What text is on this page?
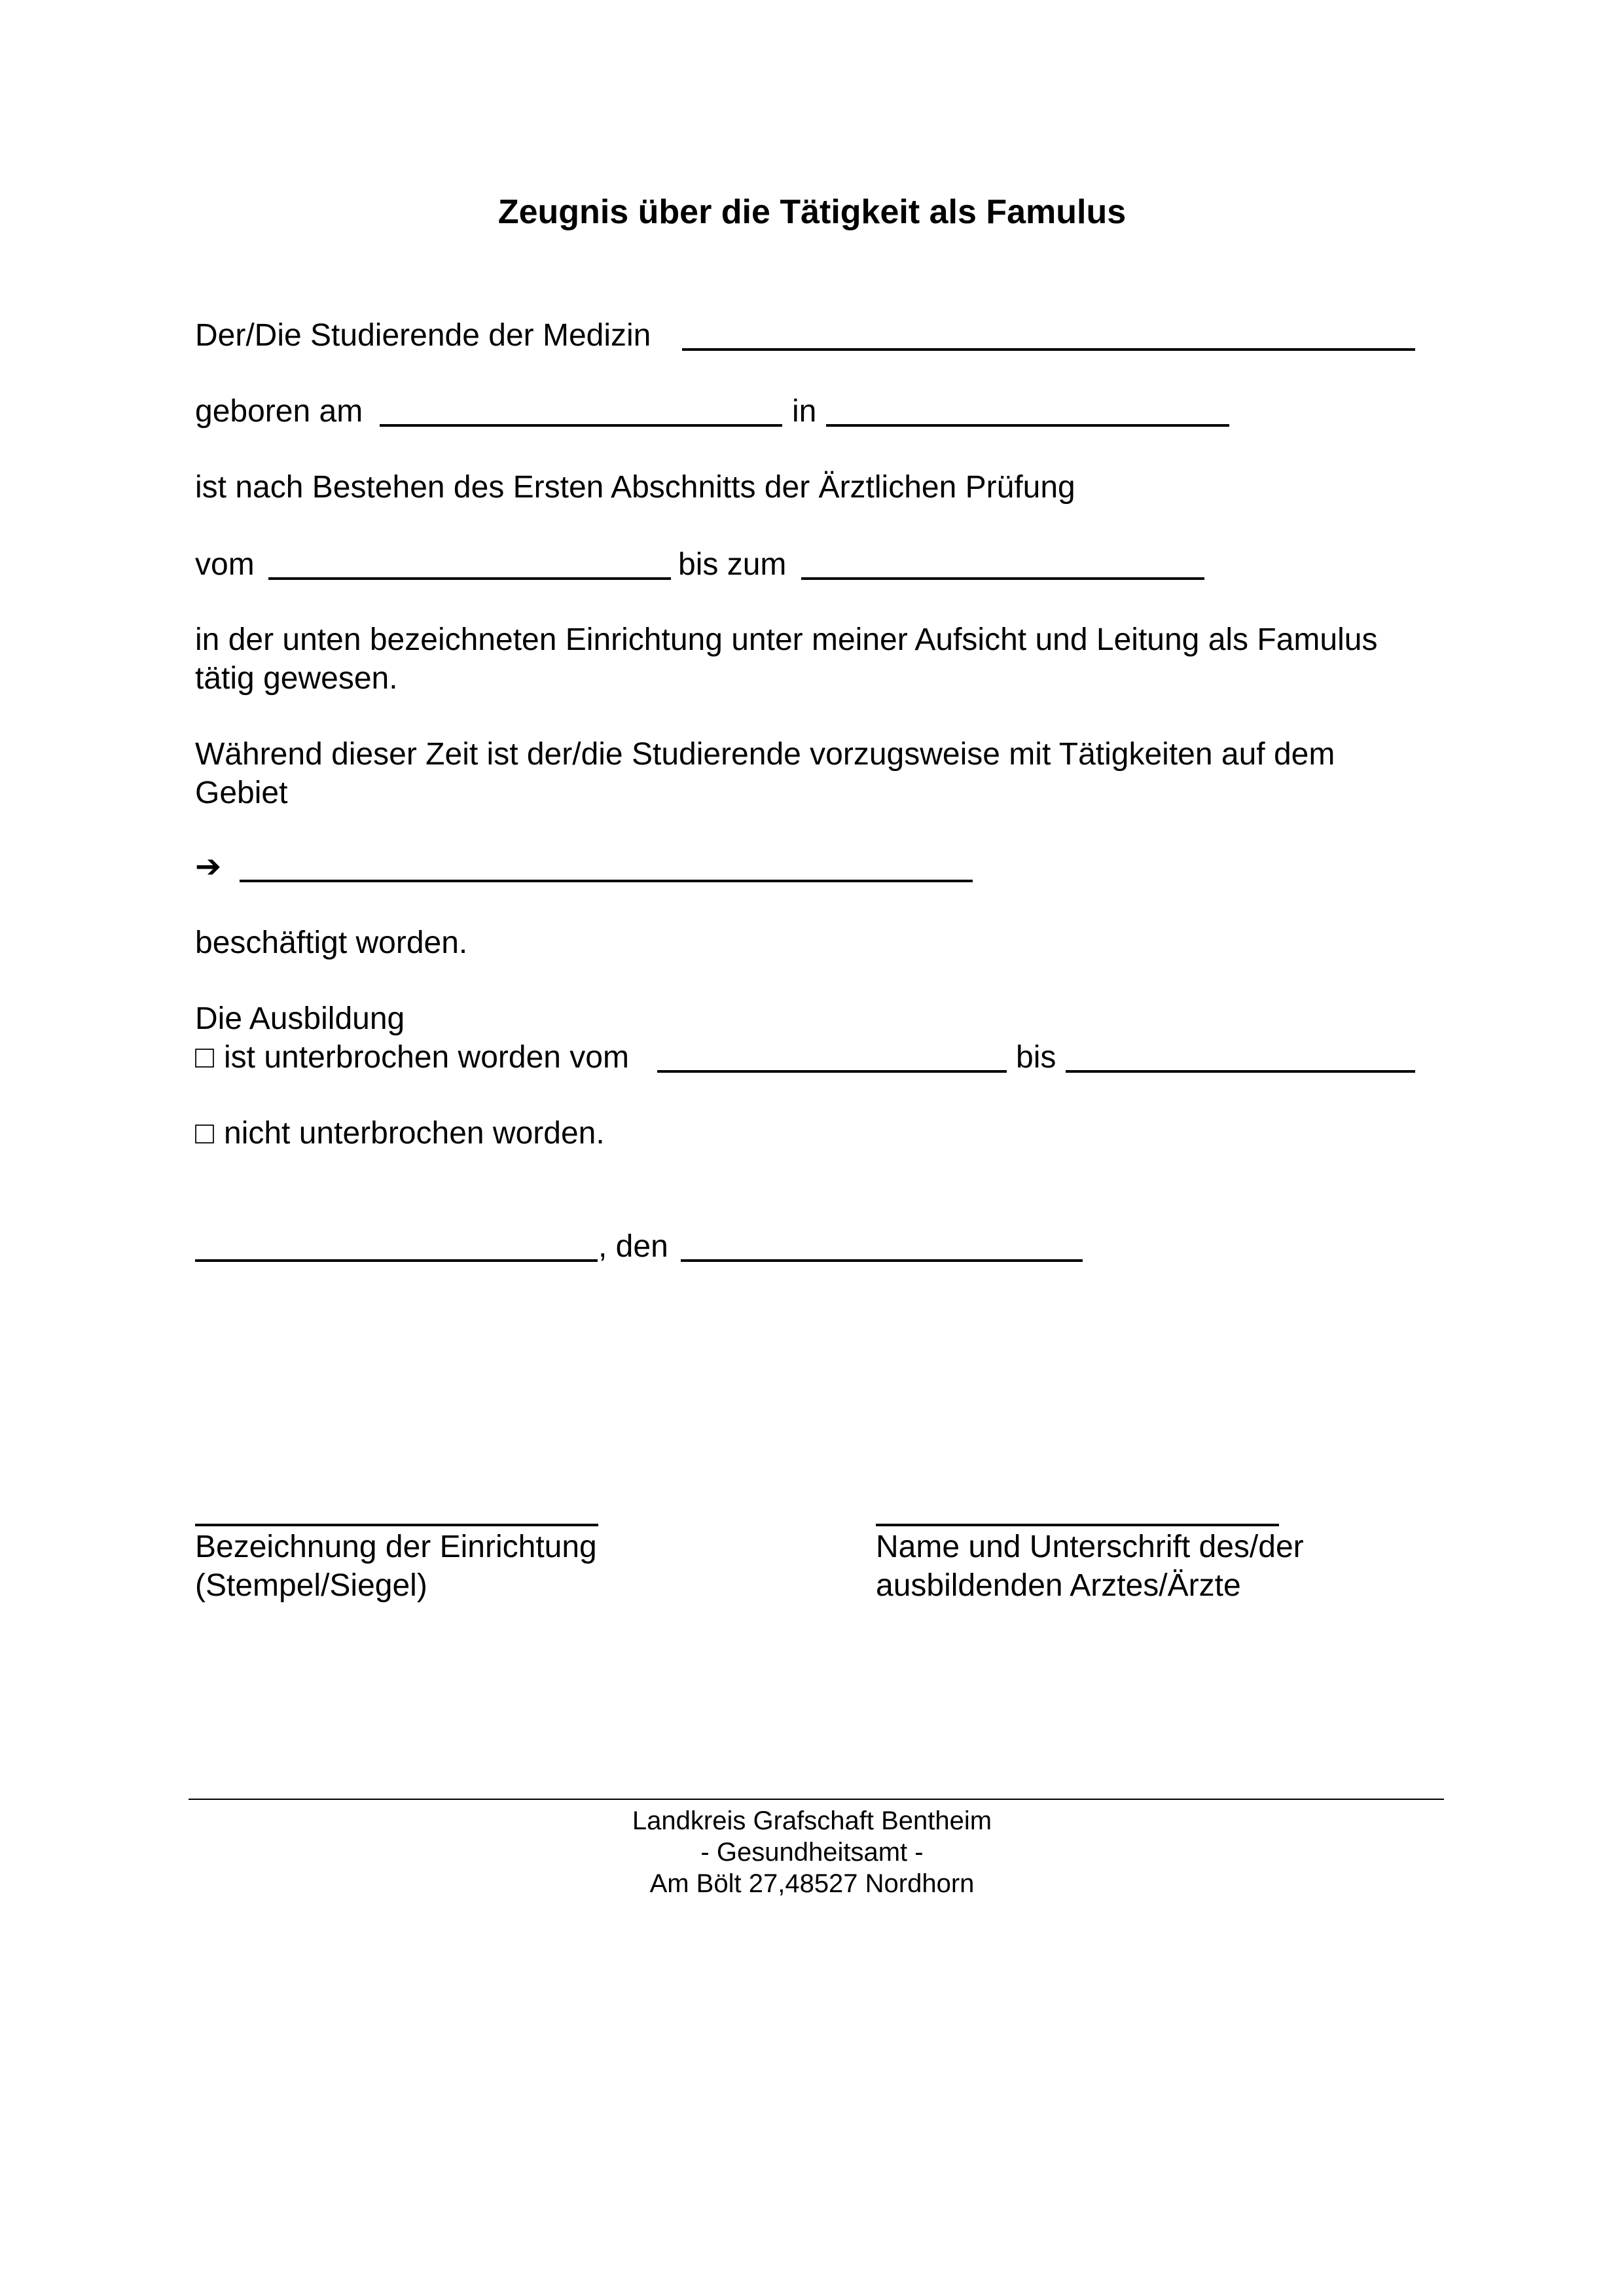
Zeugnis über die Tätigkeit als Famulus
Der/Die Studierende der Medizin
geboren am	in
ist nach Bestehen des Ersten Abschnitts der Ärztlichen Prüfung
vom	bis zum
in der unten bezeichneten Einrichtung unter meiner Aufsicht und Leitung als Famulus
tätig gewesen.
Während dieser Zeit ist der/die Studierende vorzugsweise mit Tätigkeiten auf dem
Gebiet
➔
beschäftigt worden.
Die Ausbildung
□ ist unterbrochen worden vom	bis
□ nicht unterbrochen worden.
, den
Bezeichnung der Einrichtung
(Stempel/Siegel)
Name und Unterschrift des/der
ausbildenden Arztes/Ärzte
Landkreis Grafschaft Bentheim
- Gesundheitsamt -
Am Bölt 27,48527 Nordhorn
